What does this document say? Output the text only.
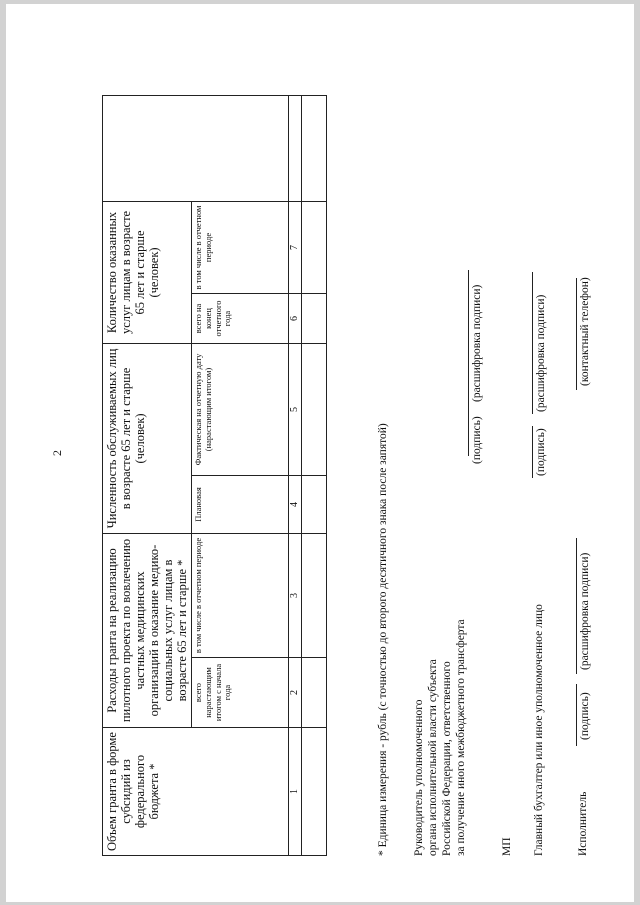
2
Объем гранта в форме субсидий из федерального бюджета *	Расходы гранта на реализацию пилотного проекта по вовлечению частных медицинских организаций в оказание медико-социальных услуг лицам в возрасте 65 лет и старше *		Численность обслуживаемых лиц в возрасте 65 лет и старше (человек)		Количество оказанных услуг лицам в возрасте 65 лет и старше (человек)		
	всего нарастающим итогом с начала года	в том числе в отчетном периоде	Плановая	Фактическая на отчетную дату (нарастающим итогом)	всего на конец отчетного года	в том числе в отчетном периоде	
1	2	3	4	5	6	7	

* Единица измерения - рубль (с точностью до второго десятичного знака после запятой) Руководитель уполномоченного органа исполнительной власти субъекта Российской Федерации, ответственного за получение иного межбюджетного трансферта
(подпись)
(расшифровка подписи)
МП Главный бухгалтер или иное уполномоченное лицо
(подпись)
(расшифровка подписи)
Исполнитель
(подпись)
(расшифровка подписи)
(контактный телефон)
